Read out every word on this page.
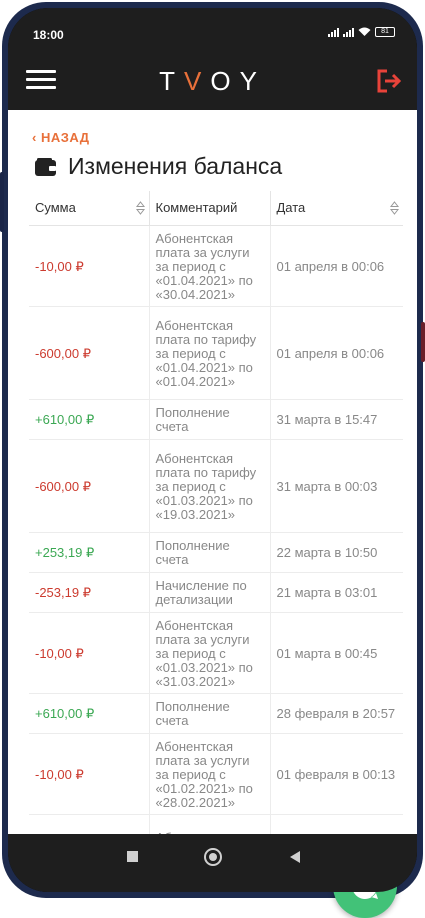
18:00	81
TVOY
‹ НАЗАД
Изменения баланса
Сумма	Комментарий	Дата

-10,00 ₽	Абонентская плата за услуги за период с «01.04.2021» по «30.04.2021»	01 апреля в 00:06
-600,00 ₽	Абонентская плата по тарифу за период с «01.04.2021» по «01.04.2021»	01 апреля в 00:06
+610,00 ₽	Пополнение счета	31 марта в 15:47
-600,00 ₽	Абонентская плата по тарифу за период с «01.03.2021» по «19.03.2021»	31 марта в 00:03
+253,19 ₽	Пополнение счета	22 марта в 10:50
-253,19 ₽	Начисление по детализации	21 марта в 03:01
-10,00 ₽	Абонентская плата за услуги за период с «01.03.2021» по «31.03.2021»	01 марта в 00:45
+610,00 ₽	Пополнение счета	28 февраля в 20:57
-10,00 ₽	Абонентская плата за услуги за период с «01.02.2021» по «28.02.2021»	01 февраля в 00:13
